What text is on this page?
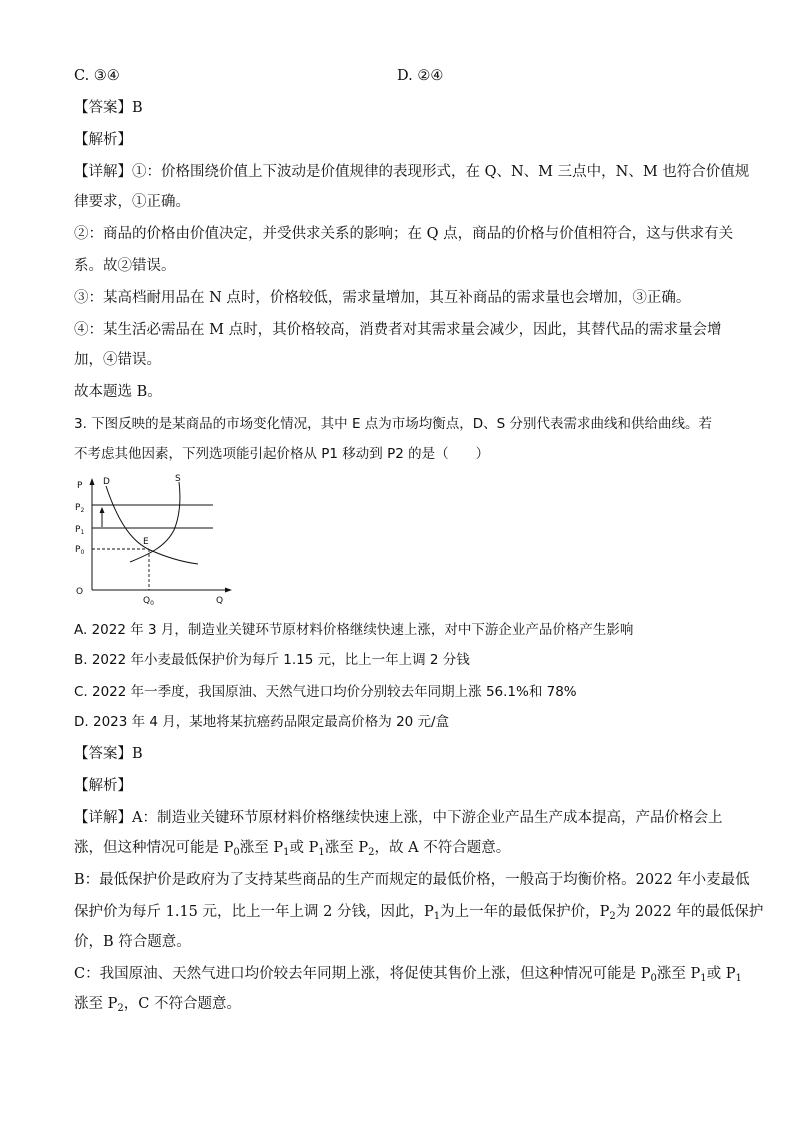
C. ③④	D. ②④
【答案】B
【解析】
【详解】①：价格围绕价值上下波动是价值规律的表现形式，在 Q、N、M 三点中，N、M 也符合价值规
律要求，①正确。
②：商品的价格由价值决定，并受供求关系的影响；在 Q 点，商品的价格与价值相符合，这与供求有关
系。故②错误。
③：某高档耐用品在 N 点时，价格较低，需求量增加，其互补商品的需求量也会增加，③正确。
④：某生活必需品在 M 点时，其价格较高，消费者对其需求量会减少，因此，其替代品的需求量会增
加，④错误。
故本题选 B。
3. 下图反映的是某商品的市场变化情况，其中 E 点为市场均衡点，D、S 分别代表需求曲线和供给曲线。若
不考虑其他因素，下列选项能引起价格从 P1 移动到 P2 的是（　　）
P D	S
$P_2$
$P_1$
$P_0$
E
O
$Q_0$	Q
A. 2022 年 3 月，制造业关键环节原材料价格继续快速上涨，对中下游企业产品价格产生影响
B. 2022 年小麦最低保护价为每斤 1.15 元，比上一年上调 2 分钱
C. 2022 年一季度，我国原油、天然气进口均价分别较去年同期上涨 56.1%和 78%
D. 2023 年 4 月，某地将某抗癌药品限定最高价格为 20 元/盒
【答案】B
【解析】
【详解】A：制造业关键环节原材料价格继续快速上涨，中下游企业产品生产成本提高，产品价格会上
涨，但这种情况可能是 $P_0$涨至 $P_1$或 $P_1$涨至 $P_2$，故 A 不符合题意。
B：最低保护价是政府为了支持某些商品的生产而规定的最低价格，一般高于均衡价格。2022 年小麦最低
保护价为每斤 1.15 元，比上一年上调 2 分钱，因此，$P_1$为上一年的最低保护价，$P_2$为 2022 年的最低保护
价，B 符合题意。
C：我国原油、天然气进口均价较去年同期上涨，将促使其售价上涨，但这种情况可能是 $P_0$涨至 $P_1$或 $P_1$
涨至 $P_2$，C 不符合题意。
